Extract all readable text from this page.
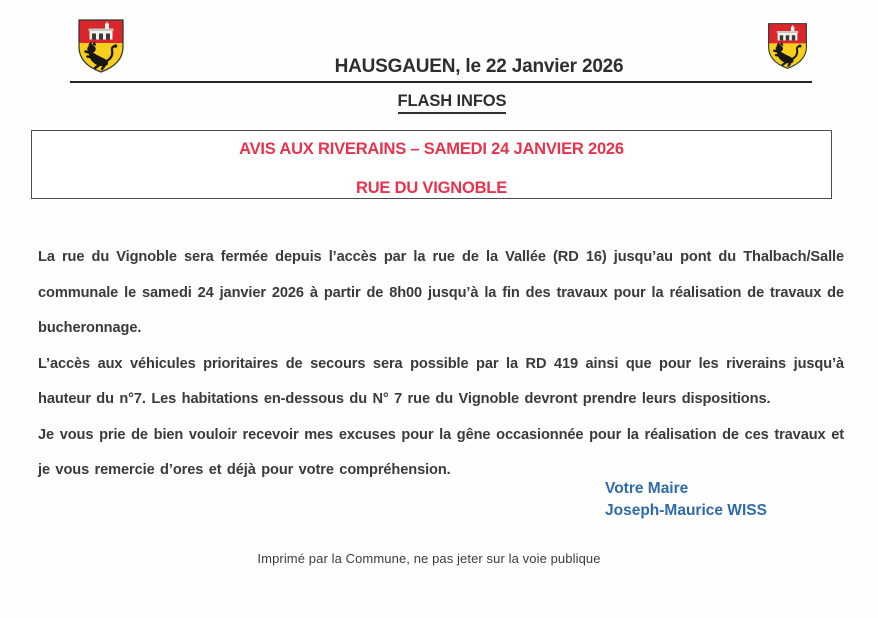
HAUSGAUEN, le 22 Janvier 2026
FLASH INFOS
AVIS AUX RIVERAINS – SAMEDI 24 JANVIER 2026
RUE DU VIGNOBLE

La rue du Vignoble sera fermée depuis l’accès par la rue de la Vallée (RD 16) jusqu’au pont du Thalbach/Salle communale le samedi 24 janvier 2026 à partir de 8h00 jusqu’à la fin des travaux pour la réalisation de travaux de bucheronnage.

L’accès aux véhicules prioritaires de secours sera possible par la RD 419 ainsi que pour les riverains jusqu’à hauteur du n°7. Les habitations en-dessous du N° 7 rue du Vignoble devront prendre leurs dispositions.

Je vous prie de bien vouloir recevoir mes excuses pour la gêne occasionnée pour la réalisation de ces travaux et je vous remercie d’ores et déjà pour votre compréhension.

Votre Maire
Joseph-Maurice WISS
Imprimé par la Commune, ne pas jeter sur la voie publique
